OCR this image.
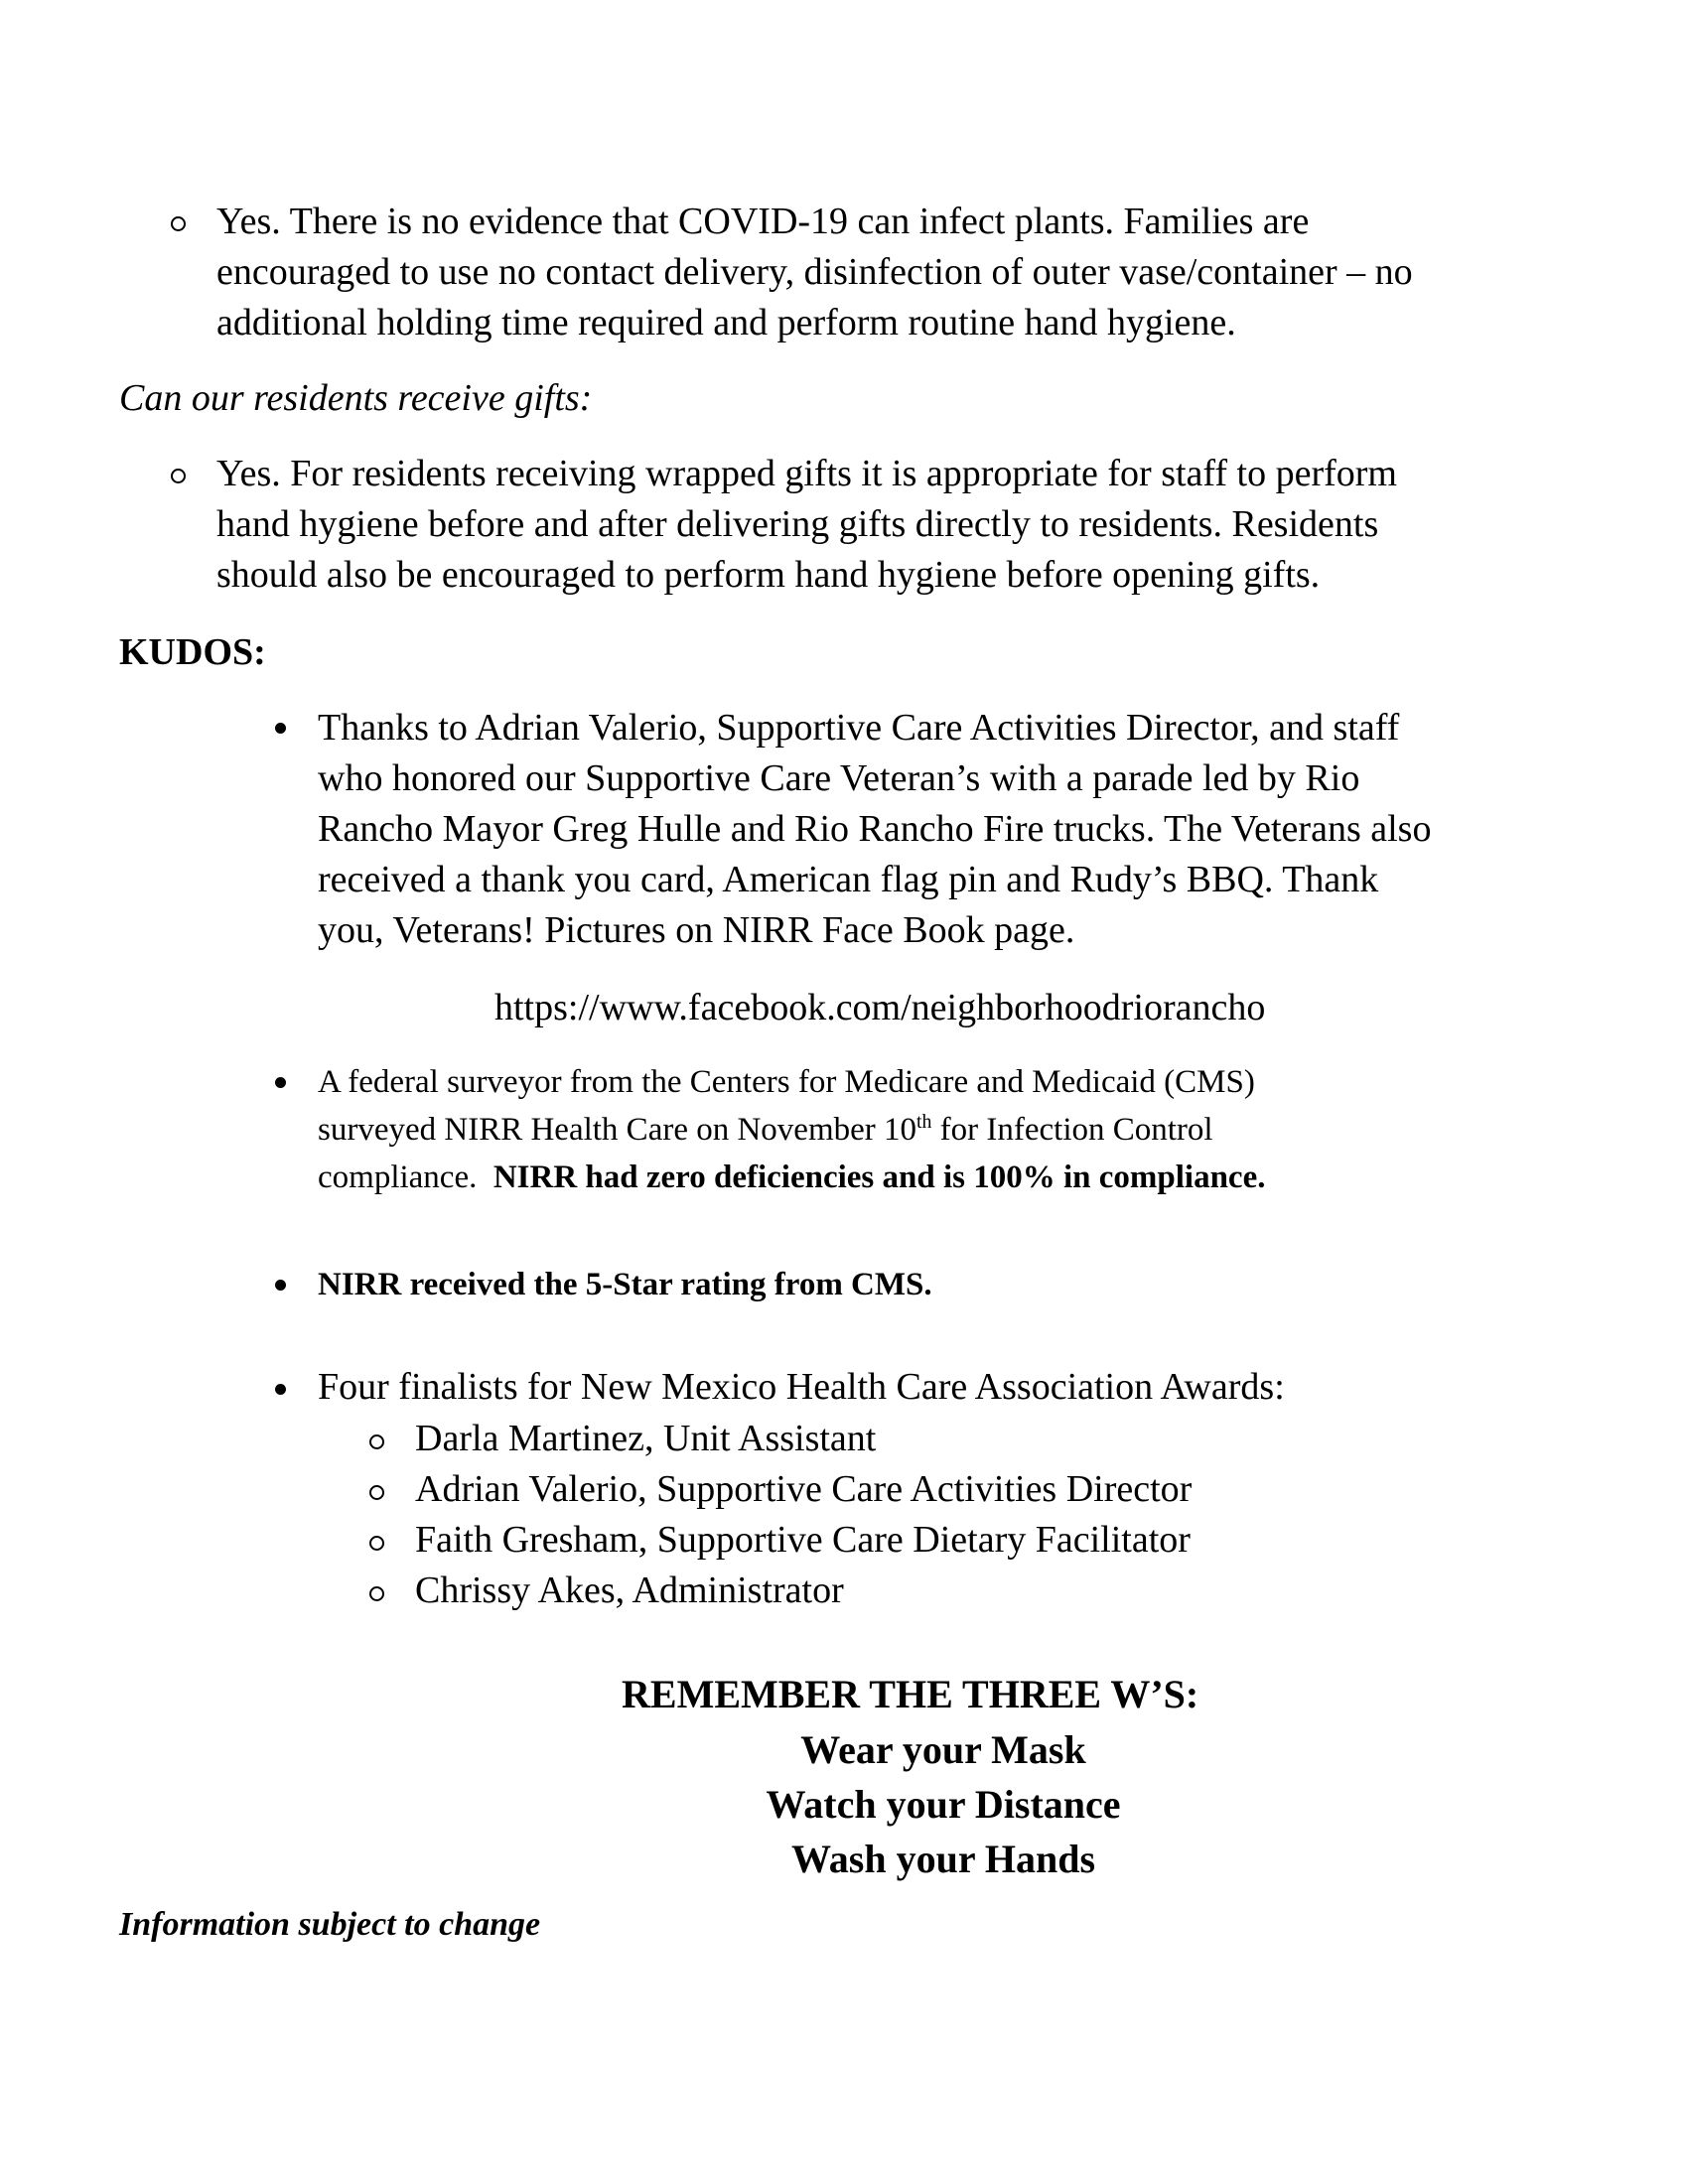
Yes. There is no evidence that COVID-19 can infect plants. Families are
encouraged to use no contact delivery, disinfection of outer vase/container – no
additional holding time required and perform routine hand hygiene.
Can our residents receive gifts:
Yes. For residents receiving wrapped gifts it is appropriate for staff to perform
hand hygiene before and after delivering gifts directly to residents. Residents
should also be encouraged to perform hand hygiene before opening gifts.
KUDOS:
Thanks to Adrian Valerio, Supportive Care Activities Director, and staff
who honored our Supportive Care Veteran’s with a parade led by Rio
Rancho Mayor Greg Hulle and Rio Rancho Fire trucks. The Veterans also
received a thank you card, American flag pin and Rudy’s BBQ. Thank
you, Veterans! Pictures on NIRR Face Book page.
https://www.facebook.com/neighborhoodriorancho
A federal surveyor from the Centers for Medicare and Medicaid (CMS)
surveyed NIRR Health Care on November 10th for Infection Control
compliance.  NIRR had zero deficiencies and is 100% in compliance.
NIRR received the 5-Star rating from CMS.
Four finalists for New Mexico Health Care Association Awards:
Darla Martinez, Unit Assistant
Adrian Valerio, Supportive Care Activities Director
Faith Gresham, Supportive Care Dietary Facilitator
Chrissy Akes, Administrator
REMEMBER THE THREE W’S:
Wear your Mask
Watch your Distance
Wash your Hands
Information subject to change
